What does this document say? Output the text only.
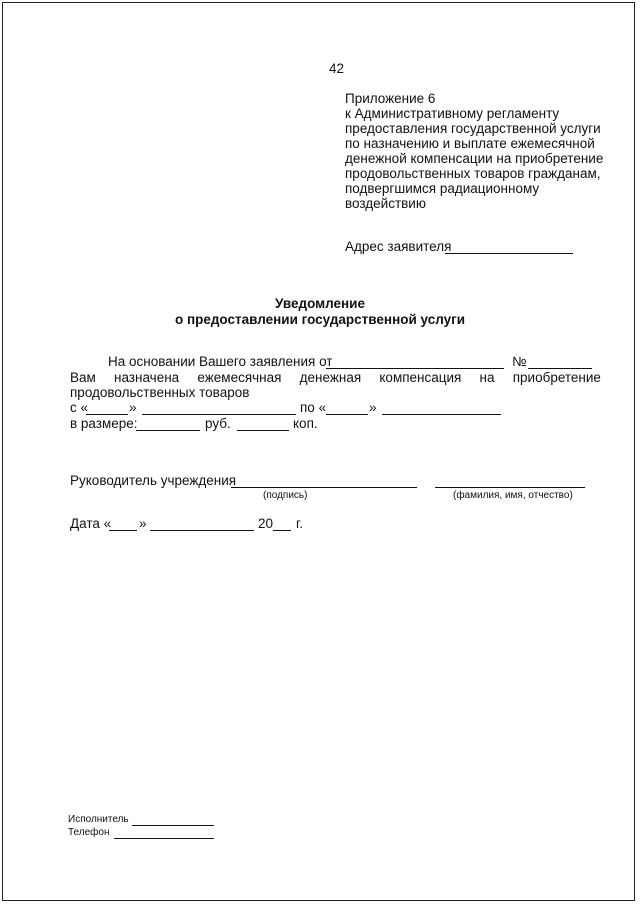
42
Приложение 6
к Административному регламенту
предоставления государственной услуги
по назначению и выплате ежемесячной
денежной компенсации на приобретение
продовольственных товаров гражданам,
подвергшимся радиационному
воздействию
Адрес заявителя
Уведомление
о предоставлении государственной услуги
На основании Вашего заявления от	№
Вам назначена ежемесячная денежная компенсация на приобретение
продовольственных товаров
с «	»	по «	»
в размере:	руб.	коп.
Руководитель учреждения
(подпись)	(фамилия, имя, отчество)
Дата « »	20 г.
Исполнитель
Телефон
